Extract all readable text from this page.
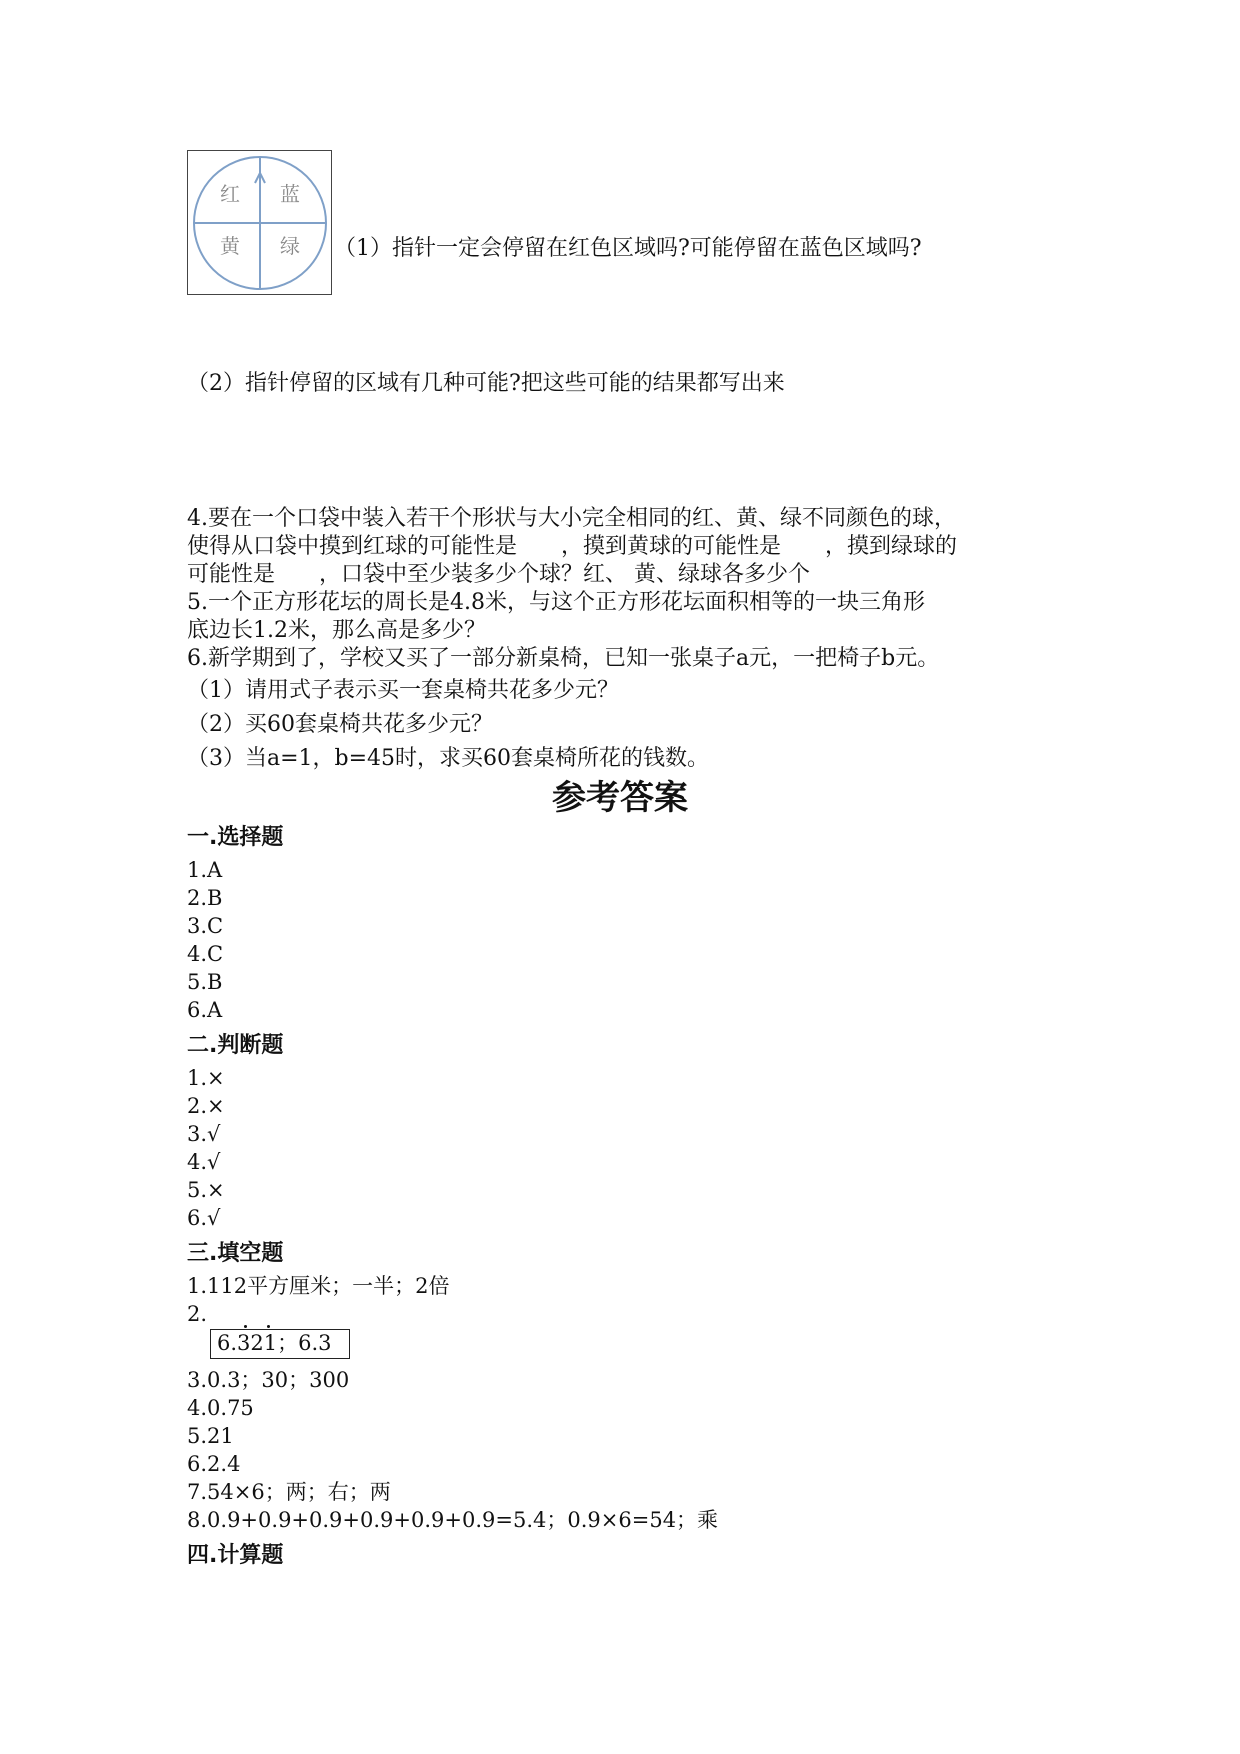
红 蓝
黄 绿 （1）指针一定会停留在红色区域吗?可能停留在蓝色区域吗?
（2）指针停留的区域有几种可能?把这些可能的结果都写出来
4.要在一个口袋中装入若干个形状与大小完全相同的红、黄、绿不同颜色的球，
使得从口袋中摸到红球的可能性是　　，摸到黄球的可能性是　　，摸到绿球的
可能性是　　，口袋中至少装多少个球？红、 黄、绿球各多少个
5.一个正方形花坛的周长是4.8米，与这个正方形花坛面积相等的一块三角形
底边长1.2米，那么高是多少？
6.新学期到了，学校又买了一部分新桌椅，已知一张桌子a元，一把椅子b元。
（1）请用式子表示买一套桌椅共花多少元？
（2）买60套桌椅共花多少元？
（3）当a=1，b=45时，求买60套桌椅所花的钱数。
参考答案
一.选择题
1.A
2.B
3.C
4.C
5.B
6.A
二.判断题
1.×
2.×
3.√
4.√
5.×
6.√
三.填空题
1.112平方厘米；一半；2倍
2.
6.321；6.3
3.0.3；30；300
4.0.75
5.21
6.2.4
7.54×6；两；右；两
8.0.9+0.9+0.9+0.9+0.9+0.9=5.4；0.9×6=54；乘
四.计算题
